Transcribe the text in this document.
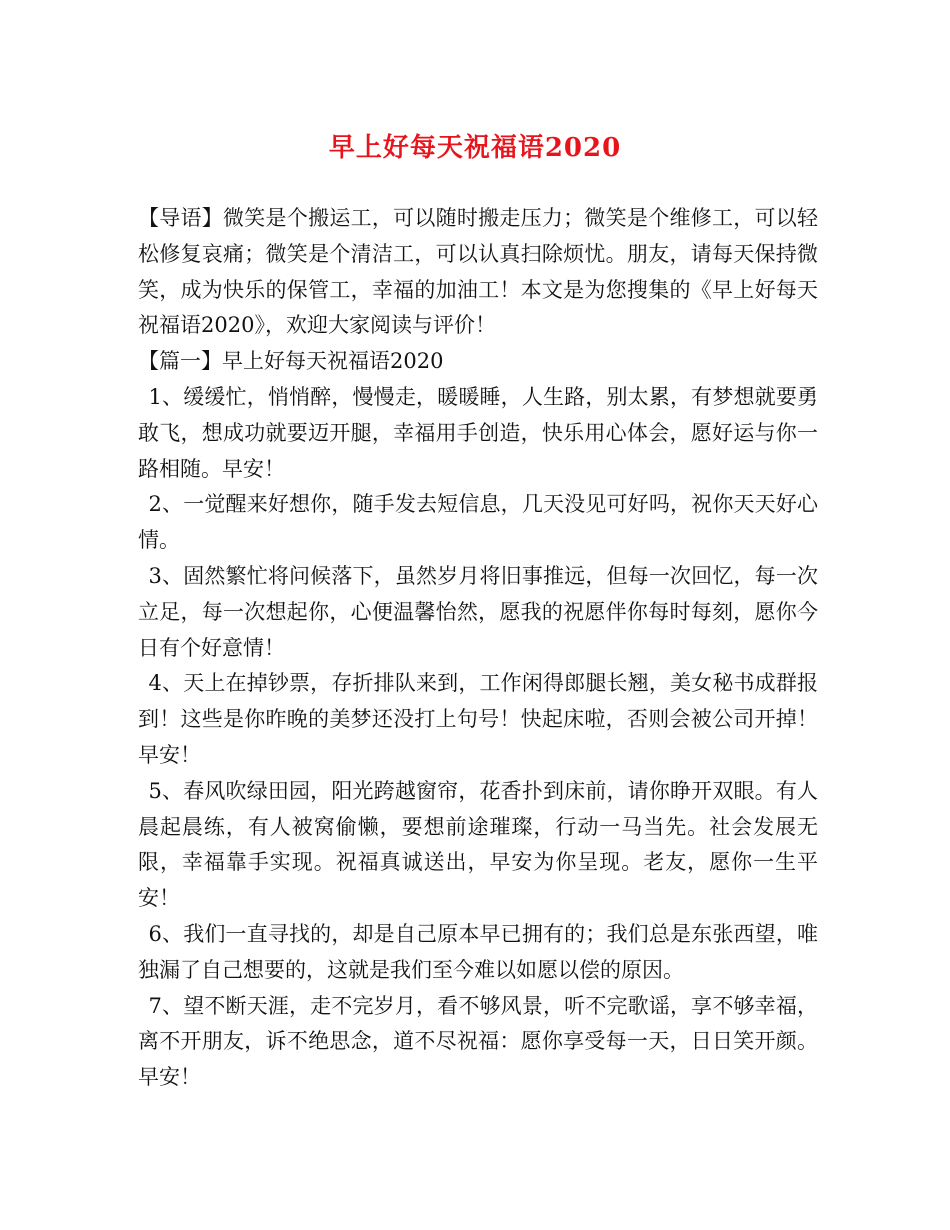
早上好每天祝福语2020

【导语】微笑是个搬运工，可以随时搬走压力；微笑是个维修工，可以轻松修复哀痛；微笑是个清洁工，可以认真扫除烦忧。朋友，请每天保持微笑，成为快乐的保管工，幸福的加油工！本文是为您搜集的《早上好每天祝福语2020》，欢迎大家阅读与评价！

【篇一】早上好每天祝福语2020

1、缓缓忙，悄悄醉，慢慢走，暖暖睡，人生路，别太累，有梦想就要勇敢飞，想成功就要迈开腿，幸福用手创造，快乐用心体会，愿好运与你一路相随。早安！

2、一觉醒来好想你，随手发去短信息，几天没见可好吗，祝你天天好心情。

3、固然繁忙将问候落下，虽然岁月将旧事推远，但每一次回忆，每一次立足，每一次想起你，心便温馨怡然，愿我的祝愿伴你每时每刻，愿你今日有个好意情！

4、天上在掉钞票，存折排队来到，工作闲得郎腿长翘，美女秘书成群报到！这些是你昨晚的美梦还没打上句号！快起床啦，否则会被公司开掉！早安！

5、春风吹绿田园，阳光跨越窗帘，花香扑到床前，请你睁开双眼。有人晨起晨练，有人被窝偷懒，要想前途璀璨，行动一马当先。社会发展无限，幸福靠手实现。祝福真诚送出，早安为你呈现。老友，愿你一生平安！

6、我们一直寻找的，却是自己原本早已拥有的；我们总是东张西望，唯独漏了自己想要的，这就是我们至今难以如愿以偿的原因。

7、望不断天涯，走不完岁月，看不够风景，听不完歌谣，享不够幸福，离不开朋友，诉不绝思念，道不尽祝福：愿你享受每一天，日日笑开颜。早安！
